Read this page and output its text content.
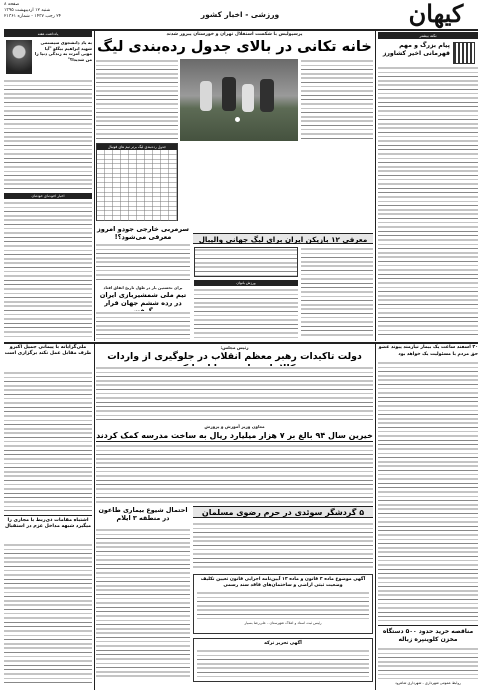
کیهان
ورزشی - اخبار کشور
صفحه ۸
شنبه ۱۲ اردیبهشت ۱۳۹۵
۲۴ رجب ۱۴۳۷ - شماره ۲۱۳۶۱
نکته بیشتر
پیام بزرگ و مهم قهرمانی اخیر کشاورز
پرسپولیس با شکست استقلال تهران و خوزستان پیروز شدند
خانه تکانی در بالای جدول رده‌بندی لیگ
جدول رده‌بندی لیگ برتر تیم های فوتبال
معرفی ۱۲ بازیکن ایران برای لیگ جهانی والیبال
سرمربی خارجی جودو امروز معرفی می‌شود؟!
برای نخستین بار در طول تاریخ اتفاق افتاد
تیم ملی شمشیربازی ایران در رده ششم جهان قرار
ورزش بانوان
یادداشت هفته
به یاد دانشجوی سیستمی شهید ابراهیم بیگلو "آیا موبی آمرت به زندگی دنیا را من شدیدا؟"
اخبار اخوت‌ای خودمان
۳۰ اسفند ساعت یک بیمار نیازمند پیوند عضو
حق مردم با مسئولیت یک خواهد بود
مناقصه خرید حدود ۵۰۰ دستگاه مخزن کلوینپره زباله
روابط عمومی شهرداری - شهرداری شاهرود
رئیس مجلس:
دولت تاکیدات رهبر معظم انقلاب در جلوگیری از واردات
معاون وزیر آموزش و پرورش
خیرین سال ۹۴ بالغ بر ۷ هزار میلیارد ریال به ساخت مدرسه کمک کردند
۵ گردشگر سوئدی در حرم رضوی مسلمان
احتمال شیوع بیماری طاعون در منطقه ۳ ایلام
آگهی موضوع ماده ۳ قانون و ماده ۱۳ آیین‌نامه اجرایی قانون تعیین تکلیف وضعیت ثبتی اراضی و ساختمان‌های فاقد سند رسمی
رئیس ثبت اسناد و املاک شهرستان - علی‌رضا بسیار
آگهی تحریر ترکه
ملی‌گرایانه با پیمانی جمیل اکبرو طرف مقابل عمل نکند برگزاری است
اشتباه مقامات ذی‌ربط با مجاری را میگیرد شبهه مداخل عزم در استقبال
